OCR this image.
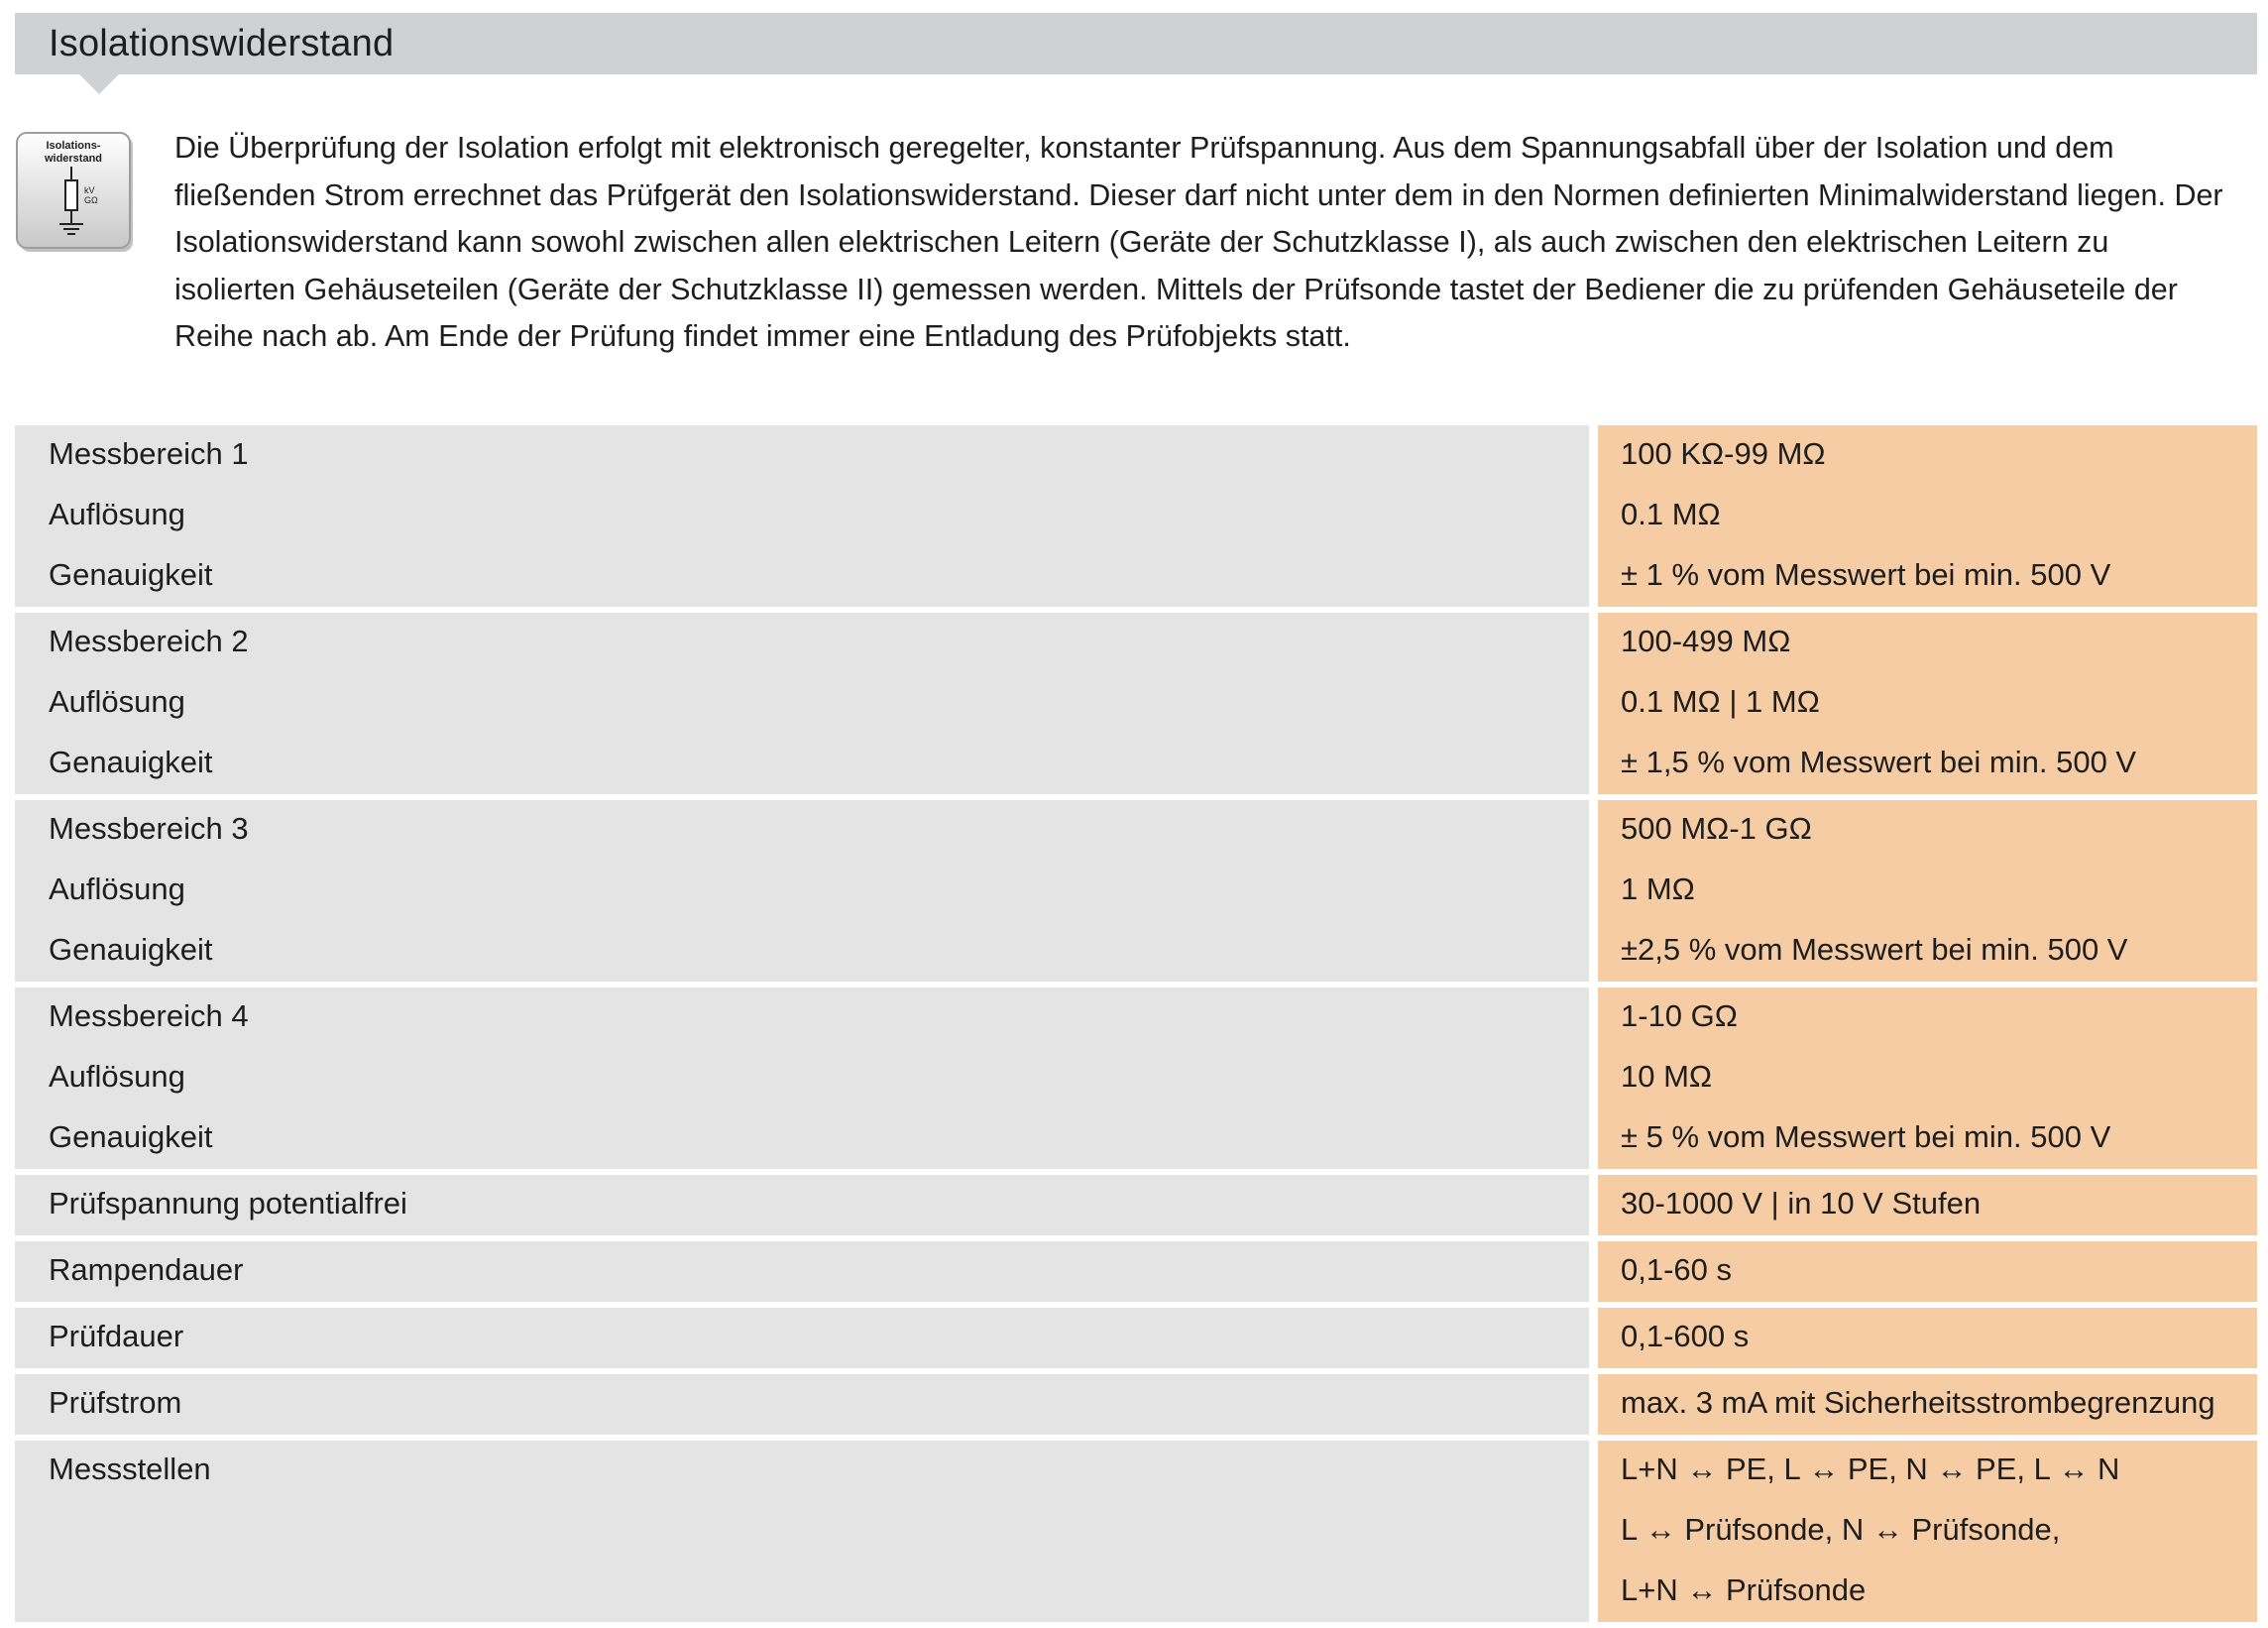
Isolationswiderstand
Isolations-
widerstand
kV
GΩ

Die Überprüfung der Isolation erfolgt mit elektronisch geregelter, konstanter Prüfspannung. Aus dem Spannungsabfall über der Isolation und dem fließenden Strom errechnet das Prüfgerät den Isolationswiderstand. Dieser darf nicht unter dem in den Normen definierten Minimalwiderstand liegen. Der Isolationswiderstand kann sowohl zwischen allen elektrischen Leitern (Geräte der Schutzklasse I), als auch zwischen den elektrischen Leitern zu isolierten Gehäuseteilen (Geräte der Schutzklasse II) gemessen werden. Mittels der Prüfsonde tastet der Bediener die zu prüfenden Gehäuseteile der Reihe nach ab. Am Ende der Prüfung findet immer eine Entladung des Prüfobjekts statt.

Messbereich 1	100 KΩ-99 MΩ
Auflösung	0.1 MΩ
Genauigkeit	± 1 % vom Messwert bei min. 500 V
Messbereich 2	100-499 MΩ
Auflösung	0.1 MΩ | 1 MΩ
Genauigkeit	± 1,5 % vom Messwert bei min. 500 V
Messbereich 3	500 MΩ-1 GΩ
Auflösung	1 MΩ
Genauigkeit	±2,5 % vom Messwert bei min. 500 V
Messbereich 4	1-10 GΩ
Auflösung	10 MΩ
Genauigkeit	± 5 % vom Messwert bei min. 500 V
Prüfspannung potentialfrei	30-1000 V | in 10 V Stufen
Rampendauer	0,1-60 s
Prüfdauer	0,1-600 s
Prüfstrom	max. 3 mA mit Sicherheitsstrombegrenzung
Messstellen	L+N ↔ PE, L ↔ PE, N ↔ PE, L ↔ N
L ↔ Prüfsonde, N ↔ Prüfsonde,
L+N ↔ Prüfsonde
